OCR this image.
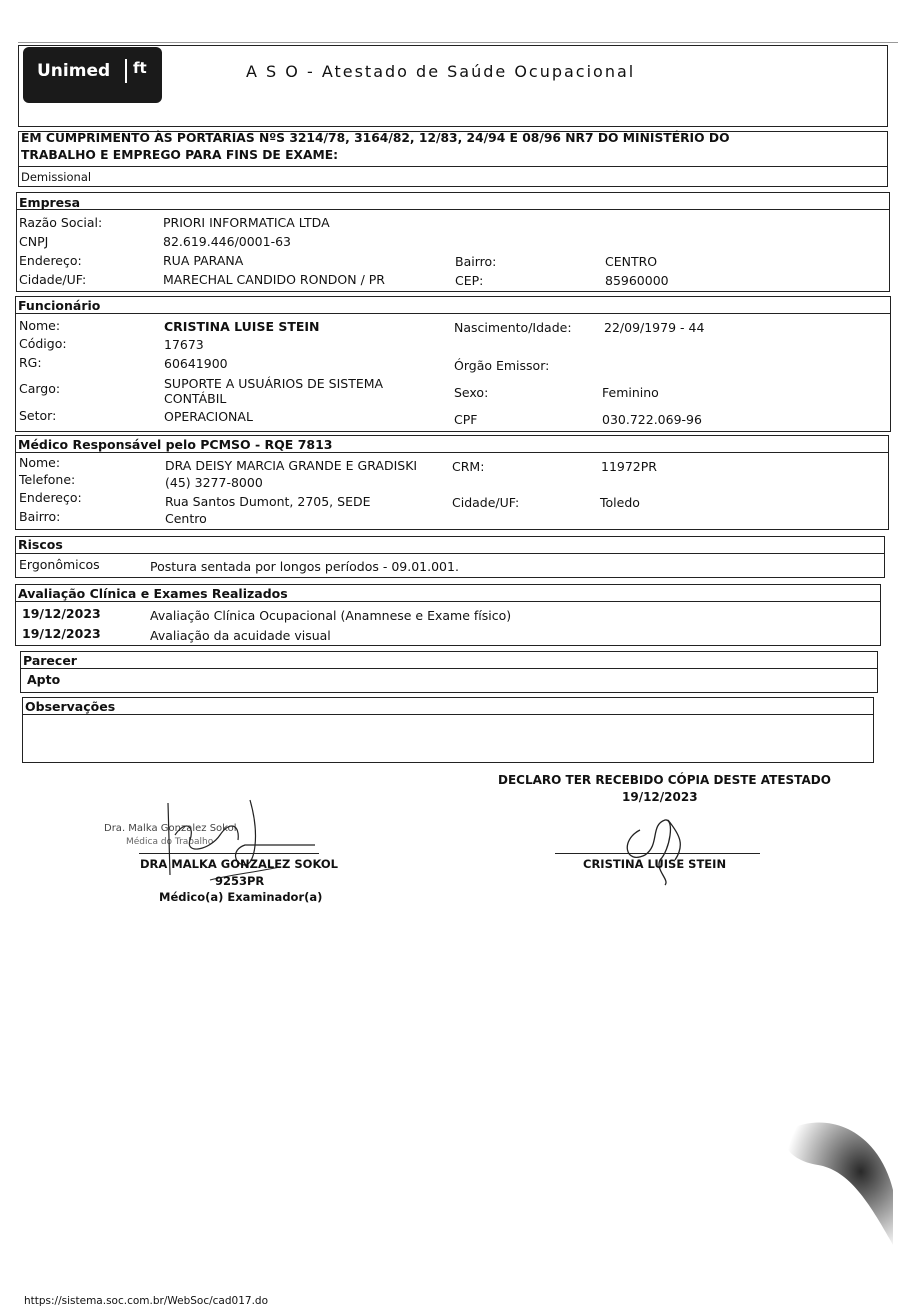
Unimed ft	A S O - Atestado de Saúde Ocupacional
EM CUMPRIMENTO ÀS PORTARIAS NºS 3214/78, 3164/82, 12/83, 24/94 E 08/96 NR7 DO MINISTÉRIO DO
TRABALHO E EMPREGO PARA FINS DE EXAME:
Demissional
Empresa
Razão Social:	PRIORI INFORMATICA LTDA
CNPJ	82.619.446/0001-63
Endereço:	RUA PARANA	Bairro:	CENTRO
Cidade/UF:	MARECHAL CANDIDO RONDON / PR	CEP:	85960000
Funcionário
Nome:	CRISTINA LUISE STEIN	Nascimento/Idade:	22/09/1979 - 44
Código:	17673
RG:	60641900	Órgão Emissor:
Cargo:	SUPORTE A USUÁRIOS DE SISTEMA
CONTÁBIL	Sexo:	Feminino
Setor:	OPERACIONAL	CPF	030.722.069-96
Médico Responsável pelo PCMSO - RQE 7813
Nome:	DRA DEISY MARCIA GRANDE E GRADISKI	CRM:	11972PR
Telefone:	(45) 3277-8000
Endereço:	Rua Santos Dumont, 2705, SEDE	Cidade/UF:	Toledo
Bairro:	Centro
Riscos
Ergonômicos	Postura sentada por longos períodos - 09.01.001.
Avaliação Clínica e Exames Realizados
19/12/2023	Avaliação Clínica Ocupacional (Anamnese e Exame físico)
19/12/2023	Avaliação da acuidade visual
Parecer
Apto
Observações
DECLARO TER RECEBIDO CÓPIA DESTE ATESTADO
19/12/2023
CRISTINA LUISE STEIN
Dra. Malka Gonzalez Sokol
Médica do Trabalho
DRA MALKA GONZALEZ SOKOL
9253PR
Médico(a) Examinador(a)
https://sistema.soc.com.br/WebSoc/cad017.do
